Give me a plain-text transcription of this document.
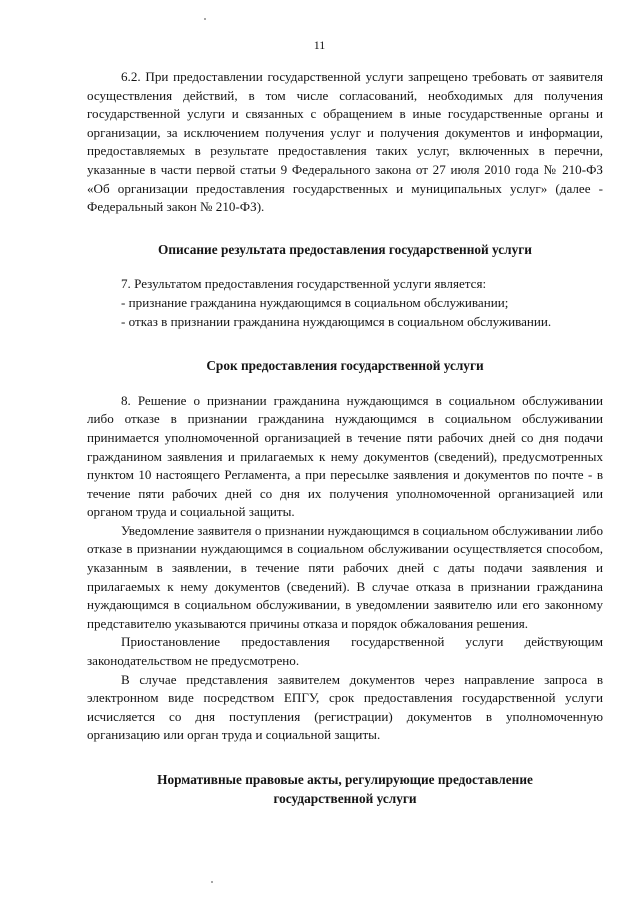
11

6.2. При предоставлении государственной услуги запрещено требовать от заявителя осуществления действий, в том числе согласований, необходимых для получения государственной услуги и связанных с обращением в иные государственные органы и организации, за исключением получения услуг и получения документов и информации, предоставляемых в результате предоставления таких услуг, включенных в перечни, указанные в части первой статьи 9 Федерального закона от 27 июля 2010 года № 210-ФЗ «Об организации предоставления государственных и муниципальных услуг» (далее - Федеральный закон № 210-ФЗ).

Описание результата предоставления государственной услуги

7. Результатом предоставления государственной услуги является:

- признание гражданина нуждающимся в социальном обслуживании;

- отказ в признании гражданина нуждающимся в социальном обслуживании.

Срок предоставления государственной услуги

8. Решение о признании гражданина нуждающимся в социальном обслуживании либо отказе в признании гражданина нуждающимся в социальном обслуживании принимается уполномоченной организацией в течение пяти рабочих дней со дня подачи гражданином заявления и прилагаемых к нему документов (сведений), предусмотренных пунктом 10 настоящего Регламента, а при пересылке заявления и документов по почте - в течение пяти рабочих дней со дня их получения уполномоченной организацией или органом труда и социальной защиты.

Уведомление заявителя о признании нуждающимся в социальном обслуживании либо отказе в признании нуждающимся в социальном обслуживании осуществляется способом, указанным в заявлении, в течение пяти рабочих дней с даты подачи заявления и прилагаемых к нему документов (сведений). В случае отказа в признании гражданина нуждающимся в социальном обслуживании, в уведомлении заявителю или его законному представителю указываются причины отказа и порядок обжалования решения.

Приостановление предоставления государственной услуги действующим законодательством не предусмотрено.

В случае представления заявителем документов через направление запроса в электронном виде посредством ЕПГУ, срок предоставления государственной услуги исчисляется со дня поступления (регистрации) документов в уполномоченную организацию или орган труда и социальной защиты.

Нормативные правовые акты, регулирующие предоставление

государственной услуги
